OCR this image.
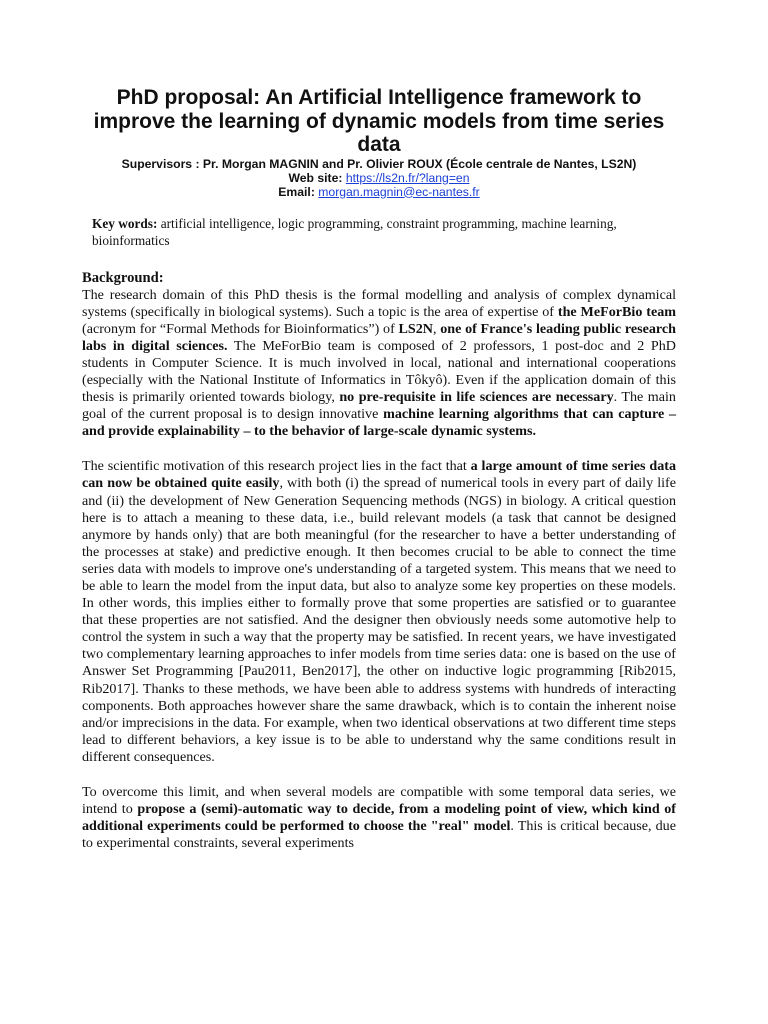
PhD proposal: An Artificial Intelligence framework to improve the learning of dynamic models from time series data

Supervisors : Pr. Morgan MAGNIN and Pr. Olivier ROUX (École centrale de Nantes, LS2N)

Web site: https://ls2n.fr/?lang=en

Email: morgan.magnin@ec-nantes.fr

Key words: artificial intelligence, logic programming, constraint programming, machine learning, bioinformatics

Background:

The research domain of this PhD thesis is the formal modelling and analysis of complex dynamical systems (specifically in biological systems). Such a topic is the area of expertise of the MeForBio team (acronym for “Formal Methods for Bioinformatics”) of LS2N, one of France's leading public research labs in digital sciences. The MeForBio team is composed of 2 professors, 1 post-doc and 2 PhD students in Computer Science. It is much involved in local, national and international cooperations (especially with the National Institute of Informatics in Tôkyô). Even if the application domain of this thesis is primarily oriented towards biology, no pre-requisite in life sciences are necessary. The main goal of the current proposal is to design innovative machine learning algorithms that can capture – and provide explainability – to the behavior of large-scale dynamic systems.

The scientific motivation of this research project lies in the fact that a large amount of time series data can now be obtained quite easily, with both (i) the spread of numerical tools in every part of daily life and (ii) the development of New Generation Sequencing methods (NGS) in biology. A critical question here is to attach a meaning to these data, i.e., build relevant models (a task that cannot be designed anymore by hands only) that are both meaningful (for the researcher to have a better understanding of the processes at stake) and predictive enough. It then becomes crucial to be able to connect the time series data with models to improve one's understanding of a targeted system. This means that we need to be able to learn the model from the input data, but also to analyze some key properties on these models. In other words, this implies either to formally prove that some properties are satisfied or to guarantee that these properties are not satisfied. And the designer then obviously needs some automotive help to control the system in such a way that the property may be satisfied. In recent years, we have investigated two complementary learning approaches to infer models from time series data: one is based on the use of Answer Set Programming [Pau2011, Ben2017], the other on inductive logic programming [Rib2015, Rib2017]. Thanks to these methods, we have been able to address systems with hundreds of interacting components. Both approaches however share the same drawback, which is to contain the inherent noise and/or imprecisions in the data. For example, when two identical observations at two different time steps lead to different behaviors, a key issue is to be able to understand why the same conditions result in different consequences.

To overcome this limit, and when several models are compatible with some temporal data series, we intend to propose a (semi)-automatic way to decide, from a modeling point of view, which kind of additional experiments could be performed to choose the "real" model. This is critical because, due to experimental constraints, several experiments
